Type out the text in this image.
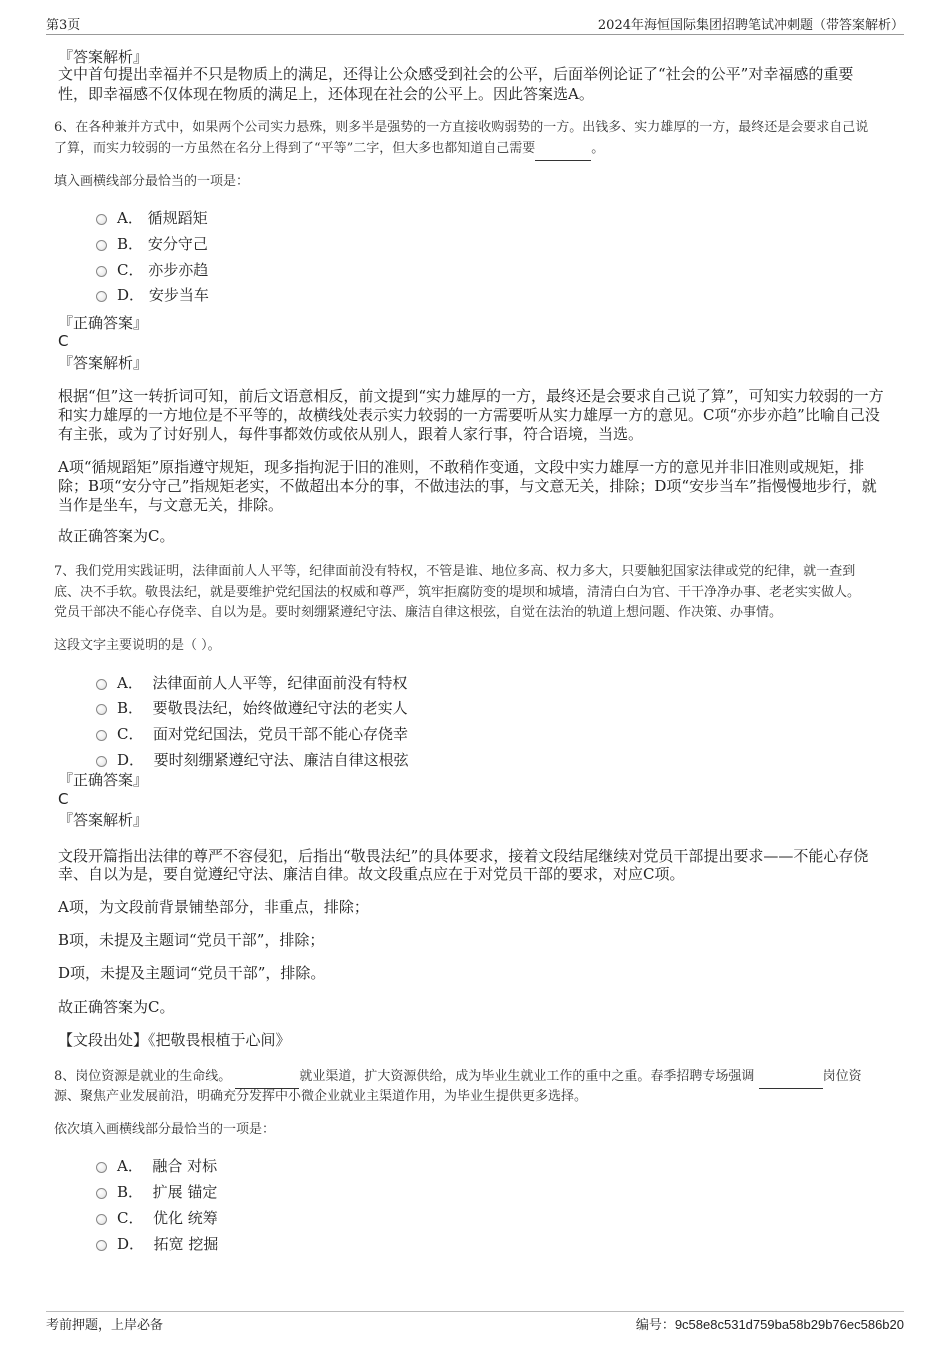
第3页	2024年海恒国际集团招聘笔试冲刺题（带答案解析）
『答案解析』
文中首句提出幸福并不只是物质上的满足，还得让公众感受到社会的公平，后面举例论证了“社会的公平”对幸福感的重要
性，即幸福感不仅体现在物质的满足上，还体现在社会的公平上。因此答案选A。
6、在各种兼并方式中，如果两个公司实力悬殊，则多半是强势的一方直接收购弱势的一方。出钱多、实力雄厚的一方，最终还是会要求自己说
了算，而实力较弱的一方虽然在名分上得到了“平等”二字，但大多也都知道自己需要	。
填入画横线部分最恰当的一项是：
A． 循规蹈矩
B． 安分守己
C． 亦步亦趋
D． 安步当车
『正确答案』
C
『答案解析』
根据“但”这一转折词可知，前后文语意相反，前文提到“实力雄厚的一方，最终还是会要求自己说了算”，可知实力较弱的一方
和实力雄厚的一方地位是不平等的，故横线处表示实力较弱的一方需要听从实力雄厚一方的意见。C项“亦步亦趋”比喻自己没
有主张，或为了讨好别人，每件事都效仿或依从别人，跟着人家行事，符合语境，当选。
A项“循规蹈矩”原指遵守规矩，现多指拘泥于旧的准则，不敢稍作变通，文段中实力雄厚一方的意见并非旧准则或规矩，排
除；B项“安分守己”指规矩老实，不做超出本分的事，不做违法的事，与文意无关，排除；D项“安步当车”指慢慢地步行，就
当作是坐车，与文意无关，排除。
故正确答案为C。
7、我们党用实践证明，法律面前人人平等，纪律面前没有特权，不管是谁、地位多高、权力多大，只要触犯国家法律或党的纪律，就一查到
底、决不手软。敬畏法纪，就是要维护党纪国法的权威和尊严，筑牢拒腐防变的堤坝和城墙，清清白白为官、干干净净办事、老老实实做人。
党员干部决不能心存侥幸、自以为是。要时刻绷紧遵纪守法、廉洁自律这根弦，自觉在法治的轨道上想问题、作决策、办事情。
这段文字主要说明的是（ ）。
A． 法律面前人人平等，纪律面前没有特权
B． 要敬畏法纪，始终做遵纪守法的老实人
C． 面对党纪国法，党员干部不能心存侥幸
D． 要时刻绷紧遵纪守法、廉洁自律这根弦
『正确答案』
C
『答案解析』
文段开篇指出法律的尊严不容侵犯，后指出“敬畏法纪”的具体要求，接着文段结尾继续对党员干部提出要求——不能心存侥
幸、自以为是，要自觉遵纪守法、廉洁自律。故文段重点应在于对党员干部的要求，对应C项。
A项，为文段前背景铺垫部分，非重点，排除；
B项，未提及主题词“党员干部”，排除；
D项，未提及主题词“党员干部”，排除。
故正确答案为C。
【文段出处】《把敬畏根植于心间》
8、岗位资源是就业的生命线。	就业渠道，扩大资源供给，成为毕业生就业工作的重中之重。春季招聘专场强调	岗位资
源、聚焦产业发展前沿，明确充分发挥中小微企业就业主渠道作用，为毕业生提供更多选择。
依次填入画横线部分最恰当的一项是：
A． 融合 对标
B． 扩展 锚定
C． 优化 统筹
D． 拓宽 挖掘
考前押题，上岸必备	编号：9c58e8c531d759ba58b29b76ec586b20
